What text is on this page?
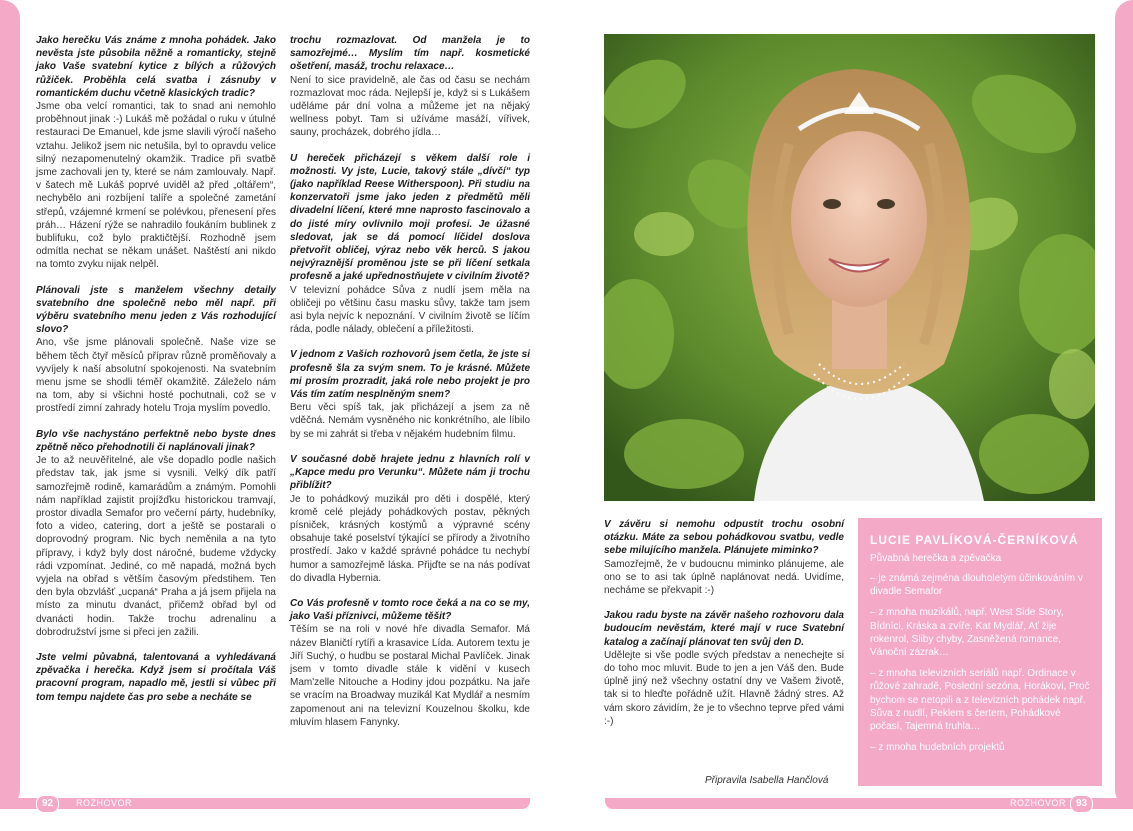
92	ROZHOVOR	ROZHOVOR 93

Jako herečku Vás známe z mnoha pohádek. Jako nevěsta jste působila něžně a romanticky, stejně jako Vaše svatební kytice z bílých a růžových růžiček. Proběhla celá svatba i zásnuby v romantickém duchu včetně klasických tradic?
Jsme oba velcí romantici, tak to snad ani nemohlo proběhnout jinak :-) Lukáš mě požádal o ruku v útulné restauraci De Emanuel, kde jsme slavili výročí našeho vztahu. Jelikož jsem nic netušila, byl to opravdu velice silný nezapomenutelný okamžik. Tradice při svatbě jsme zachovali jen ty, které se nám zamlouvaly. Např. v šatech mě Lukáš poprvé uviděl až před „oltářem“, nechybělo ani rozbíjení talíře a společné zametání střepů, vzájemné krmení se polévkou, přenesení přes práh… Házení rýže se nahradilo foukáním bublinek z bublifuku, což bylo praktičtější. Rozhodně jsem odmítla nechat se někam unášet. Naštěstí ani nikdo na tomto zvyku nijak nelpěl.

Plánovali jste s manželem všechny detaily svatebního dne společně nebo měl např. při výběru svatebního menu jeden z Vás rozhodující slovo?
Ano, vše jsme plánovali společně. Naše vize se během těch čtyř měsíců příprav různě proměňovaly a vyvíjely k naší absolutní spokojenosti. Na svatebním menu jsme se shodli téměř okamžitě. Záleželo nám na tom, aby si všichni hosté pochutnali, což se v prostředí zimní zahrady hotelu Troja myslím povedlo.

Bylo vše nachystáno perfektně nebo byste dnes zpětně něco přehodnotili či naplánovali jinak?
Je to až neuvěřitelné, ale vše dopadlo podle našich představ tak, jak jsme si vysnili. Velký dík patří samozřejmě rodině, kamarádům a známým. Pomohli nám například zajistit projížďku historickou tramvají, prostor divadla Semafor pro večerní párty, hudebníky, foto a video, catering, dort a ještě se postarali o doprovodný program. Nic bych neměnila a na tyto přípravy, i když byly dost náročné, budeme vždycky rádi vzpomínat. Jediné, co mě napadá, možná bych vyjela na obřad s větším časovým předstihem. Ten den byla obzvlášť „ucpaná“ Praha a já jsem přijela na místo za minutu dvanáct, přičemž obřad byl od dvanácti hodin. Takže trochu adrenalinu a dobrodružství jsme si přeci jen zažili.

Jste velmi půvabná, talentovaná a vyhledávaná zpěvačka i herečka. Když jsem si pročítala Váš pracovní program, napadlo mě, jestli si vůbec při tom tempu najdete čas pro sebe a necháte se

trochu rozmazlovat. Od manžela je to samozřejmé… Myslím tím např. kosmetické ošetření, masáž, trochu relaxace…
Není to sice pravidelně, ale čas od času se nechám rozmazlovat moc ráda. Nejlepší je, když si s Lukášem uděláme pár dní volna a můžeme jet na nějaký wellness pobyt. Tam si užíváme masáží, vířivek, sauny, procházek, dobrého jídla…

U hereček přicházejí s věkem další role i možnosti. Vy jste, Lucie, takový stále „dívčí“ typ (jako například Reese Witherspoon). Při studiu na konzervatoři jsme jako jeden z předmětů měli divadelní líčení, které mne naprosto fascinovalo a do jisté míry ovlivnilo moji profesi. Je úžasné sledovat, jak se dá pomocí líčidel doslova přetvořit obličej, výraz nebo věk herců. S jakou nejvýraznější proměnou jste se při líčení setkala profesně a jaké upřednostňujete v civilním životě?
V televizní pohádce Sůva z nudlí jsem měla na obličeji po většinu času masku sůvy, takže tam jsem asi byla nejvíc k nepoznání. V civilním životě se líčím ráda, podle nálady, oblečení a příležitosti.

V jednom z Vašich rozhovorů jsem četla, že jste si profesně šla za svým snem. To je krásné. Můžete mi prosím prozradit, jaká role nebo projekt je pro Vás tím zatím nesplněným snem?
Beru věci spíš tak, jak přicházejí a jsem za ně vděčná. Nemám vysněného nic konkrétního, ale líbilo by se mi zahrát si třeba v nějakém hudebním filmu.

V současné době hrajete jednu z hlavních rolí v „Kapce medu pro Verunku“. Můžete nám ji trochu přiblížit?
Je to pohádkový muzikál pro děti i dospělé, který kromě celé plejády pohádkových postav, pěkných písniček, krásných kostýmů a výpravné scény obsahuje také poselství týkající se přírody a životního prostředí. Jako v každé správné pohádce tu nechybí humor a samozřejmě láska. Přijďte se na nás podívat do divadla Hybernia.

Co Vás profesně v tomto roce čeká a na co se my, jako Vaši příznivci, můžeme těšit?
Těším se na roli v nové hře divadla Semafor. Má název Blaničtí rytíři a krasavice Lída. Autorem textu je Jiří Suchý, o hudbu se postaral Michal Pavlíček. Jinak jsem v tomto divadle stále k vidění v kusech Mam'zelle Nitouche a Hodiny jdou pozpátku. Na jaře se vracím na Broadway muzikál Kat Mydlář a nesmím zapomenout ani na televizní Kouzelnou školku, kde mluvím hlasem Fanynky.

V závěru si nemohu odpustit trochu osobní otázku. Máte za sebou pohádkovou svatbu, vedle sebe milujícího manžela. Plánujete miminko?
Samozřejmě, že v budoucnu miminko plánujeme, ale ono se to asi tak úplně naplánovat nedá. Uvidíme, necháme se překvapit :-)

Jakou radu byste na závěr našeho rozhovoru dala budoucím nevěstám, které mají v ruce Svatební katalog a začínají plánovat ten svůj den D.
Udělejte si vše podle svých představ a nenechejte si do toho moc mluvit. Bude to jen a jen Váš den. Bude úplně jiný než všechny ostatní dny ve Vašem životě, tak si to hleďte pořádně užít. Hlavně žádný stres. Až vám skoro závidím, že je to všechno teprve před vámi :-)

Připravila Isabella Hančlová
LUCIE PAVLÍKOVÁ-ČERNÍKOVÁ
Půvabná herečka a zpěvačka
– je známá zejména dlouholetým účinkováním v divadle Semafor
– z mnoha muzikálů, např. West Side Story, Bídníci, Kráska a zvíře, Kat Mydlář, Ať žije rokenrol, Sliby chyby, Zasněžená romance, Vánoční zázrak…
– z mnoha televizních seriálů např. Ordinace v růžové zahradě, Poslední sezóna, Horákovi, Proč bychom se netopili a z televizních pohádek např. Sůva z nudlí, Peklem s čertem, Pohádkové počasí, Tajemná truhla…
– z mnoha hudebních projektů
